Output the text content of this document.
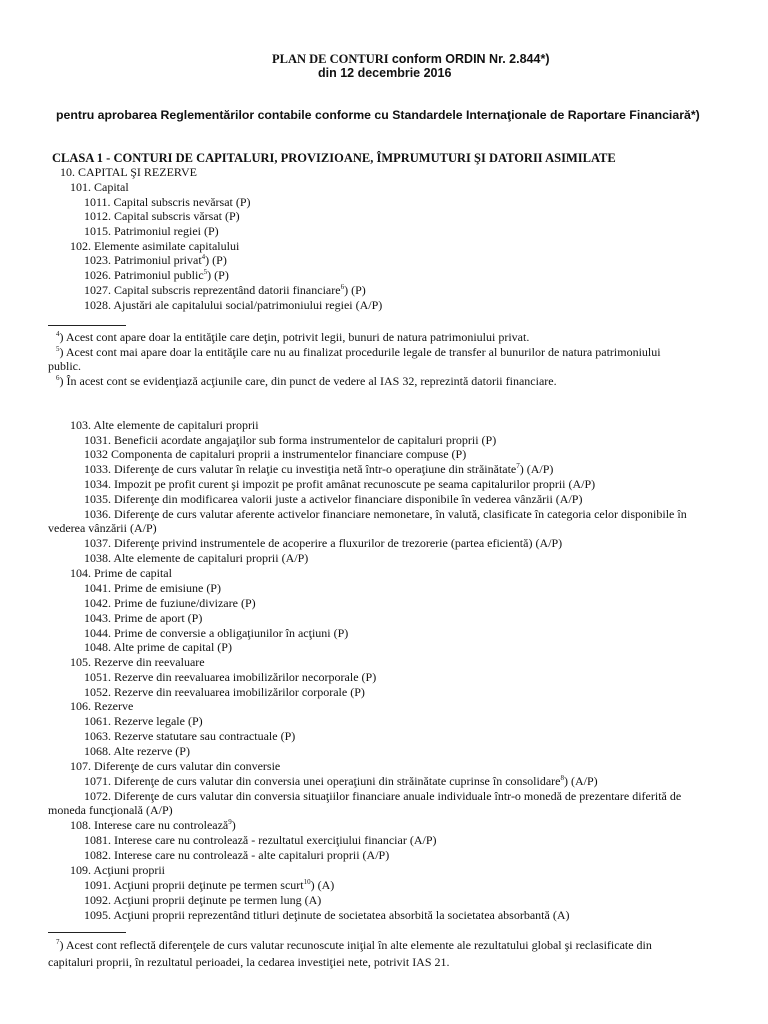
PLAN DE CONTURI conform ORDIN Nr. 2.844*)
din 12 decembrie 2016
pentru aprobarea Reglementărilor contabile conforme cu Standardele Internaţionale de Raportare Financiară*)
CLASA 1 - CONTURI DE CAPITALURI, PROVIZIOANE, ÎMPRUMUTURI ŞI DATORII ASIMILATE
10. CAPITAL ŞI REZERVE
101. Capital
1011. Capital subscris nevărsat (P)
1012. Capital subscris vărsat (P)
1015. Patrimoniul regiei (P)
102. Elemente asimilate capitalului
1023. Patrimoniul privat$^4$) (P)
1026. Patrimoniul public$^5$) (P)
1027. Capital subscris reprezentând datorii financiare$^6$) (P)
1028. Ajustări ale capitalului social/patrimoniului regiei (A/P)
$^4$) Acest cont apare doar la entităţile care deţin, potrivit legii, bunuri de natura patrimoniului privat.
$^5$) Acest cont mai apare doar la entităţile care nu au finalizat procedurile legale de transfer al bunurilor de natura patrimoniului
public.
$^6$) În acest cont se evidenţiază acţiunile care, din punct de vedere al IAS 32, reprezintă datorii financiare.
103. Alte elemente de capitaluri proprii
1031. Beneficii acordate angajaţilor sub forma instrumentelor de capitaluri proprii (P)
1032 Componenta de capitaluri proprii a instrumentelor financiare compuse (P)
1033. Diferenţe de curs valutar în relaţie cu investiţia netă într-o operaţiune din străinătate$^7$) (A/P)
1034. Impozit pe profit curent şi impozit pe profit amânat recunoscute pe seama capitalurilor proprii (A/P)
1035. Diferenţe din modificarea valorii juste a activelor financiare disponibile în vederea vânzării (A/P)
1036. Diferenţe de curs valutar aferente activelor financiare nemonetare, în valută, clasificate în categoria celor disponibile în
vederea vânzării (A/P)
1037. Diferenţe privind instrumentele de acoperire a fluxurilor de trezorerie (partea eficientă) (A/P)
1038. Alte elemente de capitaluri proprii (A/P)
104. Prime de capital
1041. Prime de emisiune (P)
1042. Prime de fuziune/divizare (P)
1043. Prime de aport (P)
1044. Prime de conversie a obligaţiunilor în acţiuni (P)
1048. Alte prime de capital (P)
105. Rezerve din reevaluare
1051. Rezerve din reevaluarea imobilizărilor necorporale (P)
1052. Rezerve din reevaluarea imobilizărilor corporale (P)
106. Rezerve
1061. Rezerve legale (P)
1063. Rezerve statutare sau contractuale (P)
1068. Alte rezerve (P)
107. Diferenţe de curs valutar din conversie
1071. Diferenţe de curs valutar din conversia unei operaţiuni din străinătate cuprinse în consolidare$^8$) (A/P)
1072. Diferenţe de curs valutar din conversia situaţiilor financiare anuale individuale într-o monedă de prezentare diferită de
moneda funcţională (A/P)
108. Interese care nu controlează$^9$)
1081. Interese care nu controlează - rezultatul exerciţiului financiar (A/P)
1082. Interese care nu controlează - alte capitaluri proprii (A/P)
109. Acţiuni proprii
1091. Acţiuni proprii deţinute pe termen scurt$^{10}$) (A)
1092. Acţiuni proprii deţinute pe termen lung (A)
1095. Acţiuni proprii reprezentând titluri deţinute de societatea absorbită la societatea absorbantă (A)
$^7$) Acest cont reflectă diferenţele de curs valutar recunoscute iniţial în alte elemente ale rezultatului global şi reclasificate din
capitaluri proprii, în rezultatul perioadei, la cedarea investiţiei nete, potrivit IAS 21.
